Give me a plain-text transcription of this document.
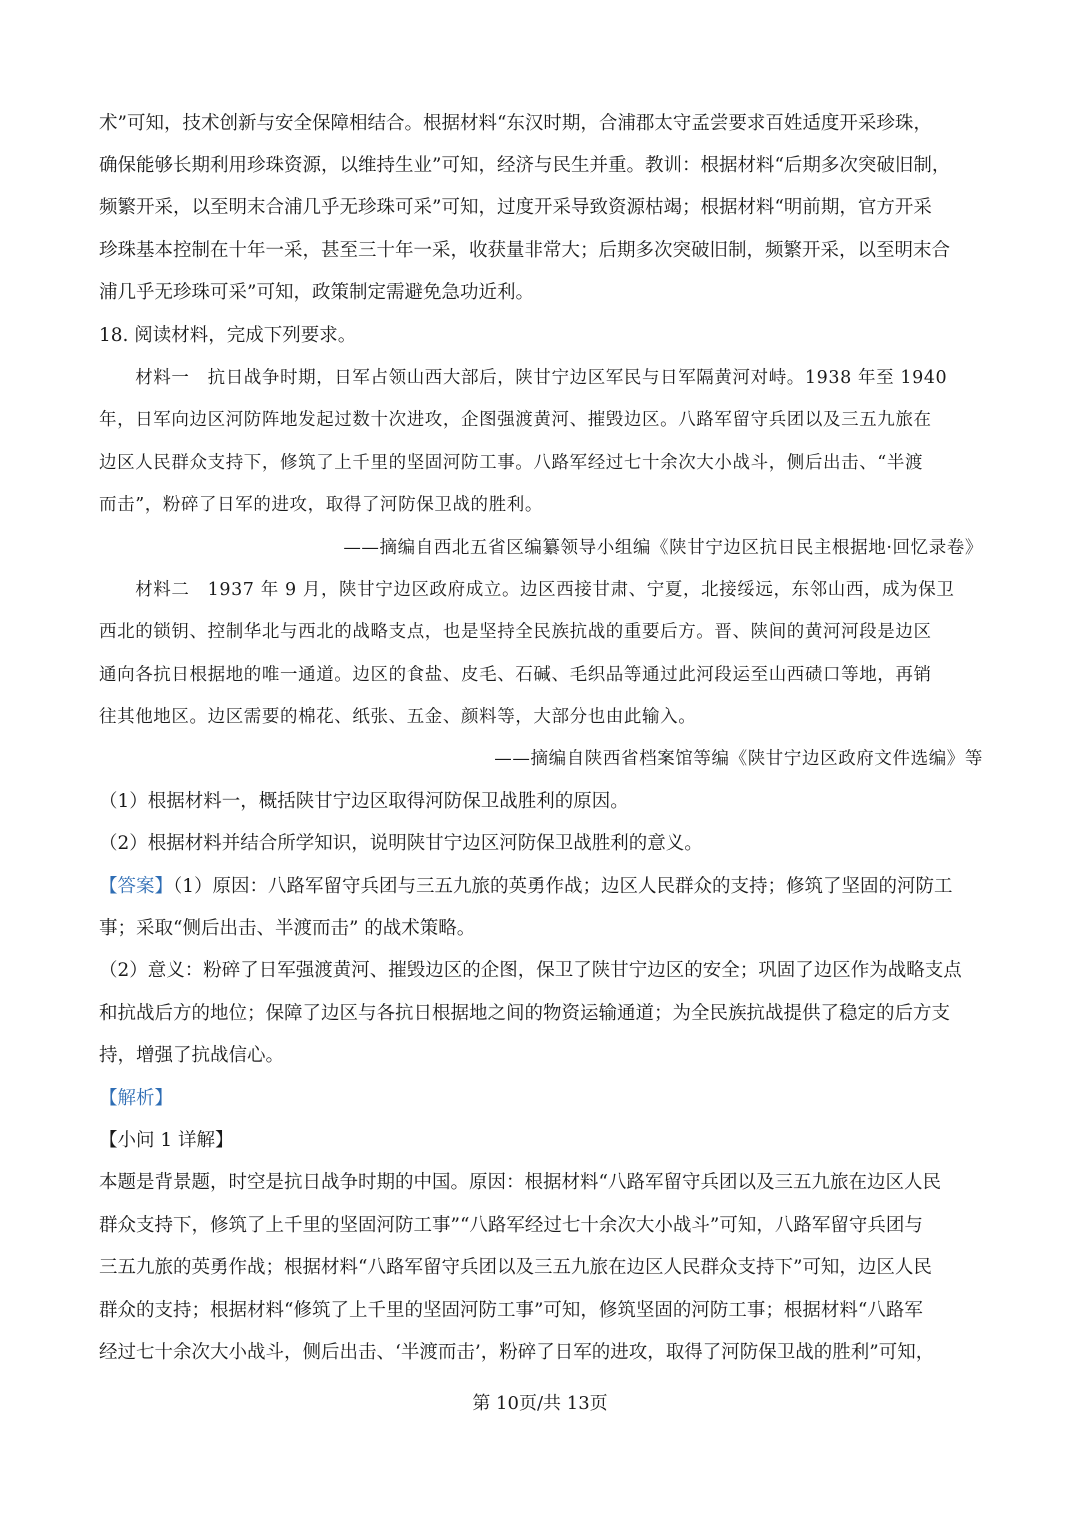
术”可知，技术创新与安全保障相结合。根据材料“东汉时期，合浦郡太守孟尝要求百姓适度开采珍珠，
确保能够长期利用珍珠资源，以维持生业”可知，经济与民生并重。教训：根据材料“后期多次突破旧制，
频繁开采，以至明末合浦几乎无珍珠可采”可知，过度开采导致资源枯竭；根据材料“明前期，官方开采
珍珠基本控制在十年一采，甚至三十年一采，收获量非常大；后期多次突破旧制，频繁开采，以至明末合
浦几乎无珍珠可采”可知，政策制定需避免急功近利。
18. 阅读材料，完成下列要求。
　　材料一　抗日战争时期，日军占领山西大部后，陕甘宁边区军民与日军隔黄河对峙。1938 年至 1940
年，日军向边区河防阵地发起过数十次进攻，企图强渡黄河、摧毁边区。八路军留守兵团以及三五九旅在
边区人民群众支持下，修筑了上千里的坚固河防工事。八路军经过七十余次大小战斗，侧后出击、“半渡
而击”，粉碎了日军的进攻，取得了河防保卫战的胜利。
——摘编自西北五省区编纂领导小组编《陕甘宁边区抗日民主根据地·回忆录卷》
　　材料二　1937 年 9 月，陕甘宁边区政府成立。边区西接甘肃、宁夏，北接绥远，东邻山西，成为保卫
西北的锁钥、控制华北与西北的战略支点，也是坚持全民族抗战的重要后方。晋、陕间的黄河河段是边区
通向各抗日根据地的唯一通道。边区的食盐、皮毛、石碱、毛织品等通过此河段运至山西碛口等地，再销
往其他地区。边区需要的棉花、纸张、五金、颜料等，大部分也由此输入。
——摘编自陕西省档案馆等编《陕甘宁边区政府文件选编》等
（1）根据材料一，概括陕甘宁边区取得河防保卫战胜利的原因。
（2）根据材料并结合所学知识，说明陕甘宁边区河防保卫战胜利的意义。
【答案】（1）原因：八路军留守兵团与三五九旅的英勇作战；边区人民群众的支持；修筑了坚固的河防工
事；采取“侧后出击、半渡而击” 的战术策略。
（2）意义：粉碎了日军强渡黄河、摧毁边区的企图，保卫了陕甘宁边区的安全；巩固了边区作为战略支点
和抗战后方的地位；保障了边区与各抗日根据地之间的物资运输通道；为全民族抗战提供了稳定的后方支
持，增强了抗战信心。
【解析】
【小问 1 详解】
本题是背景题，时空是抗日战争时期的中国。原因：根据材料“八路军留守兵团以及三五九旅在边区人民
群众支持下，修筑了上千里的坚固河防工事”“八路军经过七十余次大小战斗”可知，八路军留守兵团与
三五九旅的英勇作战；根据材料“八路军留守兵团以及三五九旅在边区人民群众支持下”可知，边区人民
群众的支持；根据材料“修筑了上千里的坚固河防工事”可知，修筑坚固的河防工事；根据材料“八路军
经过七十余次大小战斗，侧后出击、‘半渡而击’，粉碎了日军的进攻，取得了河防保卫战的胜利”可知，
第 10页/共 13页
